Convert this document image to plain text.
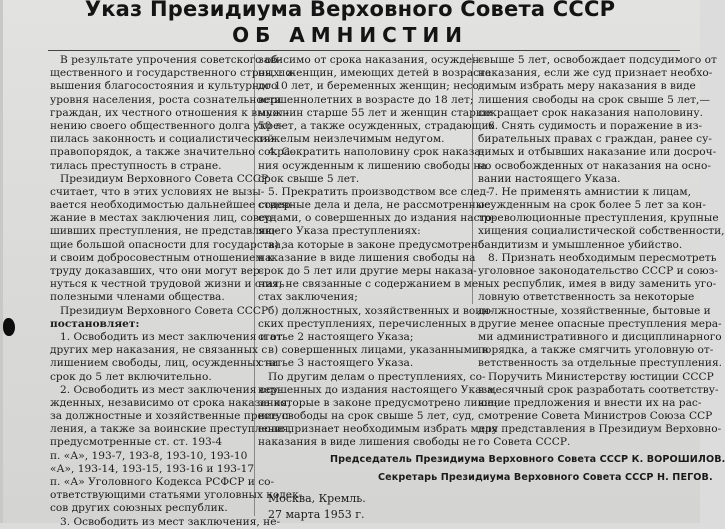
Указ Президиума Верховного Совета СССР
ОБ АМНИСТИИ
В результате упрочения советского об-
щественного и государственного строя, по-
вышения благосостояния и культурного
уровня населения, роста сознательности
граждан, их честного отношения к выпол-
нению своего общественного долга укре-
пилась законность и социалистический
правопорядок, а также значительно сокра-
тилась преступность в стране.
Президиум Верховного Совета СССР
считает, что в этих условиях не вызы-
вается необходимостью дальнейшее содер-
жание в местах заключения лиц, совер-
шивших преступления, не представляю-
щие большой опасности для государства,
и своим добросовестным отношением к
труду доказавших, что они могут вер-
нуться к честной трудовой жизни и стать
полезными членами общества.
Президиум Верховного Совета СССР
постановляет:
1. Освободить из мест заключения и от
других мер наказания, не связанных с
лишением свободы, лиц, осужденных на
срок до 5 лет включительно.
2. Освободить из мест заключения осу-
жденных, независимо от срока наказания,
за должностные и хозяйственные преступ-
ления, а также за воинские преступления,
предусмотренные ст. ст. 193-4
п. «А», 193-7, 193-8, 193-10, 193-10
«А», 193-14, 193-15, 193-16 и 193-17
п. «А» Уголовного Кодекса РСФСР и со-
ответствующими статьями уголовных кодек-
сов других союзных республик.
3. Освободить из мест заключения, не-
зависимо от срока наказания, осужден-
ных: женщин, имеющих детей в возрасте
до 10 лет, и беременных женщин; несо-
вершеннолетних в возрасте до 18 лет;
мужчин старше 55 лет и женщин старше
50 лет, а также осужденных, страдающих
тяжелым неизлечимым недугом.
4. Сократить наполовину срок наказа-
ния осужденным к лишению свободы на
срок свыше 5 лет.
5. Прекратить производством все след-
ственные дела и дела, не рассмотренные
судами, о совершенных до издания насто-
ящего Указа преступлениях:
а) за которые в законе предусмотрено
наказание в виде лишения свободы на
срок до 5 лет или другие меры наказа-
ния, не связанные с содержанием в ме-
стах заключения;
б) должностных, хозяйственных и воин-
ских преступлениях, перечисленных в
статье 2 настоящего Указа;
в) совершенных лицами, указанными в
статье 3 настоящего Указа.
По другим делам о преступлениях, со-
вершенных до издания настоящего Указа,
за которые в законе предусмотрено лише-
ние свободы на срок свыше 5 лет, суд,
если признает необходимым избрать меру
наказания в виде лишения свободы не
свыше 5 лет, освобождает подсудимого от
наказания, если же суд признает необхо-
димым избрать меру наказания в виде
лишения свободы на срок свыше 5 лет,—
сокращает срок наказания наполовину.
6. Снять судимость и поражение в из-
бирательных правах с граждан, ранее су-
димых и отбывших наказание или досроч-
но освобожденных от наказания на осно-
вании настоящего Указа.
7. Не применять амнистии к лицам,
осужденным на срок более 5 лет за кон-
трреволюционные преступления, крупные
хищения социалистической собственности,
бандитизм и умышленное убийство.
8. Признать необходимым пересмотреть
уголовное законодательство СССР и союз-
ных республик, имея в виду заменить уго-
ловную ответственность за некоторые
должностные, хозяйственные, бытовые и
другие менее опасные преступления мера-
ми административного и дисциплинарного
порядка, а также смягчить уголовную от-
ветственность за отдельные преступления.
Поручить Министерству юстиции СССР
в месячный срок разработать соответству-
ющие предложения и внести их на рас-
смотрение Совета Министров Союза ССР
для представления в Президиум Верховно-
го Совета СССР.
Председатель Президиума Верховного Совета СССР К. ВОРОШИЛОВ.
Секретарь Президиума Верховного Совета СССР Н. ПЕГОВ.
Москва, Кремль.
27 марта 1953 г.
